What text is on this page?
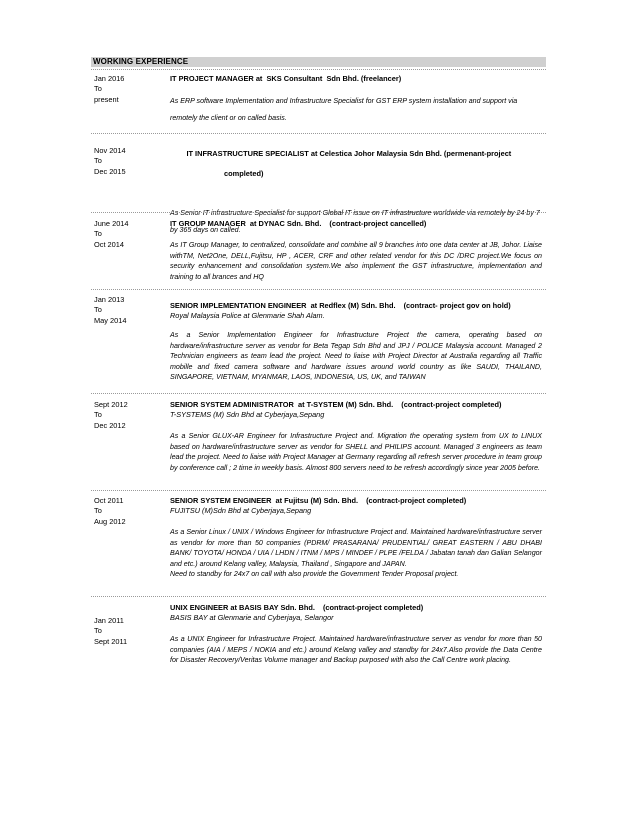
WORKING EXPERIENCE
Jan 2016
To
present
IT PROJECT MANAGER at  SKS Consultant  Sdn Bhd. (freelancer)
As ERP software Implementation and Infrastructure Specialist for GST ERP system installation and support via remotely the client or on called basis.
Nov 2014
To
Dec 2015

IT INFRASTRUCTURE SPECIALIST at Celestica Johor Malaysia Sdn Bhd. (permenant-project

completed)

As Senior IT infrastructure Specialist for support Global IT issue on IT infrastructure worldwide via remotely by 24 by 7 by 365 days on called.
June 2014
To
Oct 2014
IT GROUP MANAGER  at DYNAC Sdn. Bhd. (contract-project cancelled)
As IT Group Manager, to centralized, consolidate and combine all 9 branches into one data center at JB, Johor. Liaise withTM, Net2One, DELL,Fujitsu, HP , ACER, CRF and other related vendor for this DC /DRC project.We focus on security enhancement and consolidation system.We also implement the GST infrastructure, implementation and training to all brances and HQ
Jan 2013
To
May 2014
SENIOR IMPLEMENTATION ENGINEER  at Redflex (M) Sdn. Bhd. (contract- project gov on hold)
Royal Malaysia Police at Glenmarie Shah Alam.
As a Senior Implementation Engineer for Infrastructure Project the camera, operating based on hardware/infrastructure server as vendor for Beta Tegap Sdn Bhd and JPJ / POLICE Malaysia account. Managed 2 Technician engineers as team lead the project. Need to liaise with Project Director at Australia regarding all Traffic mobille and fixed camera software and hardware issues around world country as like SAUDI, THAILAND, SINGAPORE, VIETNAM, MYANMAR, LAOS, INDONESIA, US, UK, and TAIWAN
Sept 2012
To
Dec 2012
SENIOR SYSTEM ADMINISTRATOR  at T-SYSTEM (M) Sdn. Bhd. (contract-project completed)
T-SYSTEMS (M) Sdn Bhd at Cyberjaya,Sepang
As a Senior GLUX-AR Engineer for Infrastructure Project and. Migration the operating system from UX to LINUX based on hardware/infrastructure server as vendor for SHELL and PHILIPS account. Managed 3 engineers as team lead the project. Need to liaise with Project Manager at Germany regarding all refresh server procedure in team group by conference call ; 2 time in weekly basis. Almost 800 servers need to be refresh accordingly since year 2005 before.
Oct 2011
To
Aug 2012
SENIOR SYSTEM ENGINEER  at Fujitsu (M) Sdn. Bhd. (contract-project completed)
FUJITSU (M)Sdn Bhd at Cyberjaya,Sepang

As a Senior Linux / UNIX / Windows Engineer for Infrastructure Project and. Maintained hardware/infrastructure server as vendor for more than 50 companies (PDRM/ PRASARANA/ PRUDENTIAL/ GREAT EASTERN / ABU DHABI BANK/ TOYOTA/ HONDA / UIA / LHDN / ITNM / MPS / MINDEF / PLPE /FELDA / Jabatan tanah dan Galian Selangor and etc.) around Kelang valley, Malaysia, Thailand , Singapore and JAPAN.

Need to standby for 24x7 on call with also provide the Government Tender Proposal project.

Jan 2011
To
Sept 2011
UNIX ENGINEER at BASIS BAY Sdn. Bhd. (contract-project completed)
BASIS BAY at Glenmarie and Cyberjaya, Selangor
As a UNIX Engineer for Infrastructure Project. Maintained hardware/infrastructure server as vendor for more than 50 companies (AIA / MEPS / NOKIA and etc.) around Kelang valley and standby for 24x7.Also provide the Data Centre for Disaster Recovery/Veritas Volume manager and Backup purposed with also the Call Centre work placing.
